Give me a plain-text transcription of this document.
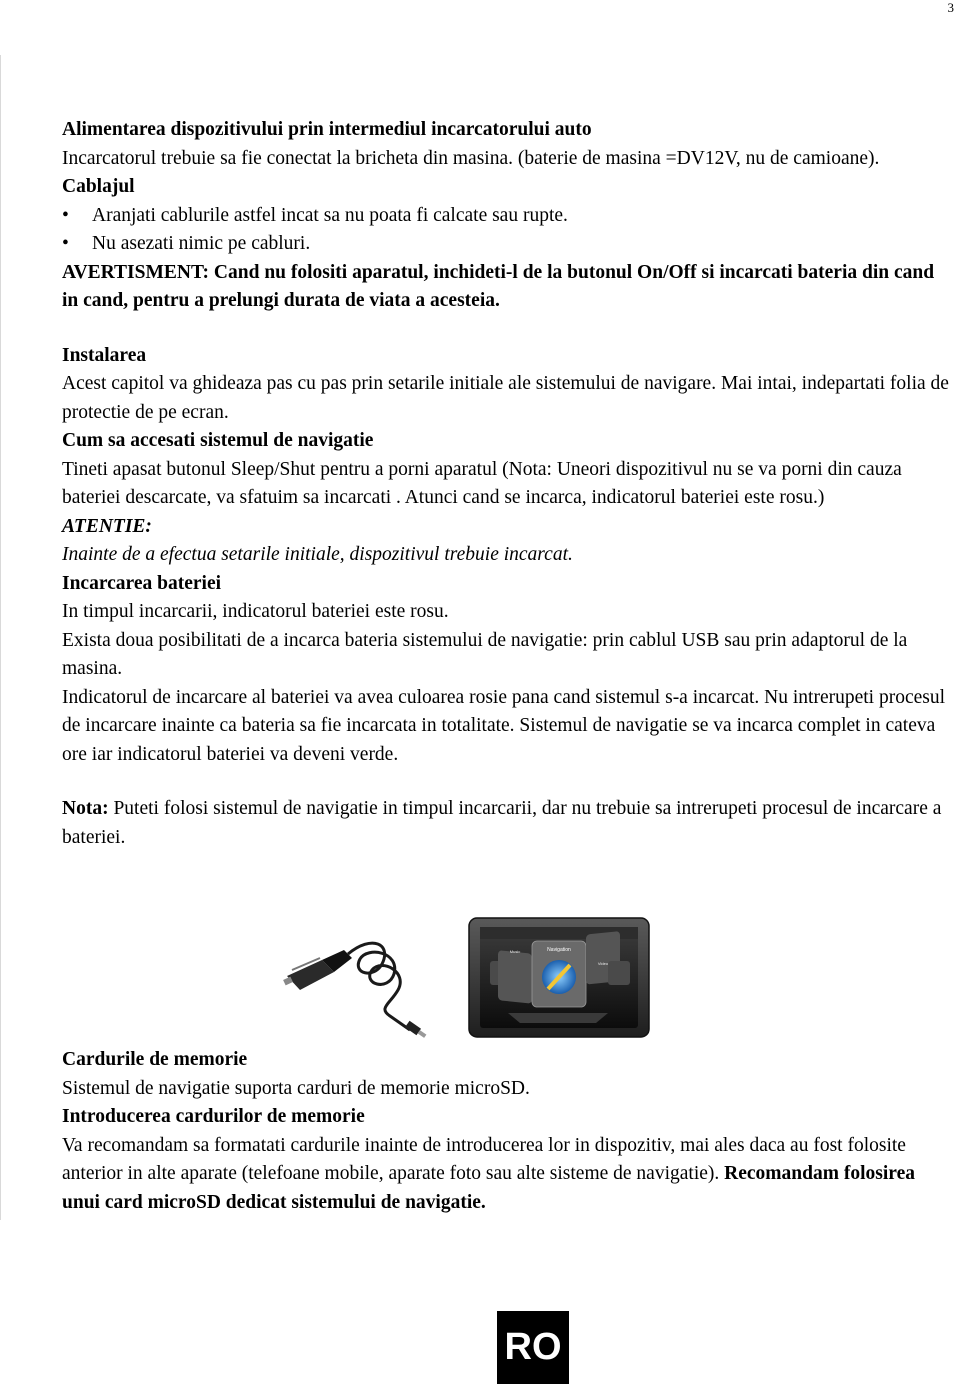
3

Alimentarea dispozitivului prin intermediul incarcatorului auto

Incarcatorul trebuie sa fie conectat la bricheta din masina. (baterie de masina =DV12V, nu de camioane).

Cablajul

• Aranjati cablurile astfel incat sa nu poata fi calcate sau rupte.
• Nu asezati nimic pe cabluri.

AVERTISMENT: Cand nu folositi aparatul, inchideti-l de la butonul On/Off si incarcati bateria din cand in cand, pentru a prelungi durata de viata a acesteia.

Instalarea

Acest capitol va ghideaza pas cu pas prin setarile initiale ale sistemului de navigare. Mai intai, indepartati folia de protectie de pe ecran.

Cum sa accesati sistemul de navigatie

Tineti apasat butonul Sleep/Shut pentru a porni aparatul (Nota: Uneori dispozitivul nu se va porni din cauza bateriei descarcate, va sfatuim sa incarcati . Atunci cand se incarca, indicatorul bateriei este rosu.)

ATENTIE:

Inainte de a efectua setarile initiale, dispozitivul trebuie incarcat.

Incarcarea bateriei

In timpul incarcarii, indicatorul bateriei este rosu.

Exista doua posibilitati de a incarca bateria sistemului de navigatie: prin cablul USB sau prin adaptorul de la masina.

Indicatorul de incarcare al bateriei va avea culoarea rosie pana cand sistemul s-a incarcat. Nu intrerupeti procesul de incarcare inainte ca bateria sa fie incarcata in totalitate. Sistemul de navigatie se va incarca complet in cateva ore iar indicatorul bateriei va deveni verde.

Nota: Puteti folosi sistemul de navigatie in timpul incarcarii, dar nu trebuie sa intrerupeti procesul de incarcare a bateriei.

Music	Navigation
Video

Cardurile de memorie

Sistemul de navigatie suporta carduri de memorie microSD.

Introducerea cardurilor de memorie

Va recomandam sa formatati cardurile inainte de introducerea lor in dispozitiv, mai ales daca au fost folosite anterior in alte aparate (telefoane mobile, aparate foto sau alte sisteme de navigatie). Recomandam folosirea unui card microSD dedicat sistemului de navigatie.

RO
